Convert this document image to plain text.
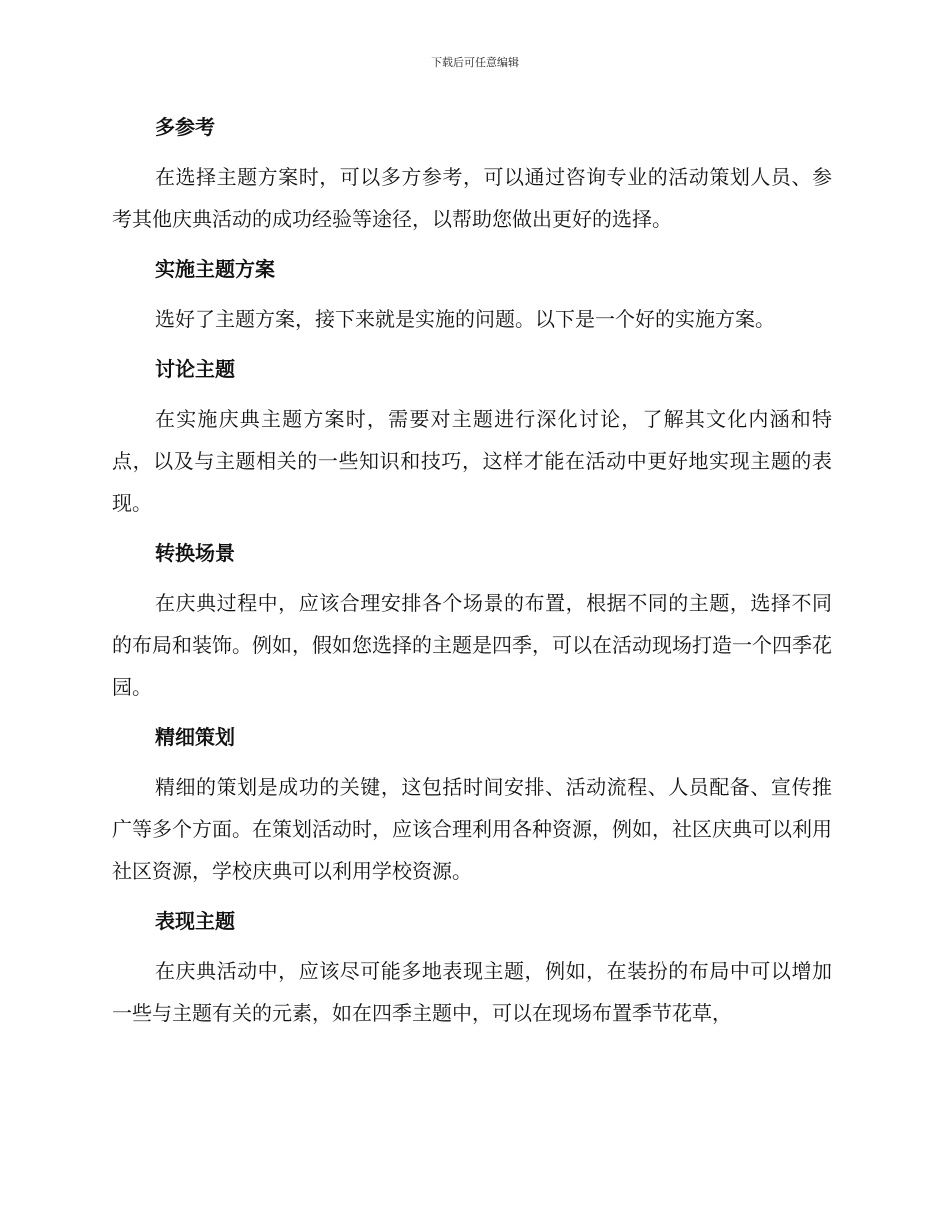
下载后可任意编辑
多参考

在选择主题方案时，可以多方参考，可以通过咨询专业的活动策划人员、参考其他庆典活动的成功经验等途径，以帮助您做出更好的选择。

实施主题方案

选好了主题方案，接下来就是实施的问题。以下是一个好的实施方案。

讨论主题

在实施庆典主题方案时，需要对主题进行深化讨论，了解其文化内涵和特点，以及与主题相关的一些知识和技巧，这样才能在活动中更好地实现主题的表现。

转换场景

在庆典过程中，应该合理安排各个场景的布置，根据不同的主题，选择不同的布局和装饰。例如，假如您选择的主题是四季，可以在活动现场打造一个四季花园。

精细策划

精细的策划是成功的关键，这包括时间安排、活动流程、人员配备、宣传推广等多个方面。在策划活动时，应该合理利用各种资源，例如，社区庆典可以利用社区资源，学校庆典可以利用学校资源。

表现主题

在庆典活动中，应该尽可能多地表现主题，例如，在装扮的布局中可以增加一些与主题有关的元素，如在四季主题中，可以在现场布置季节花草，
